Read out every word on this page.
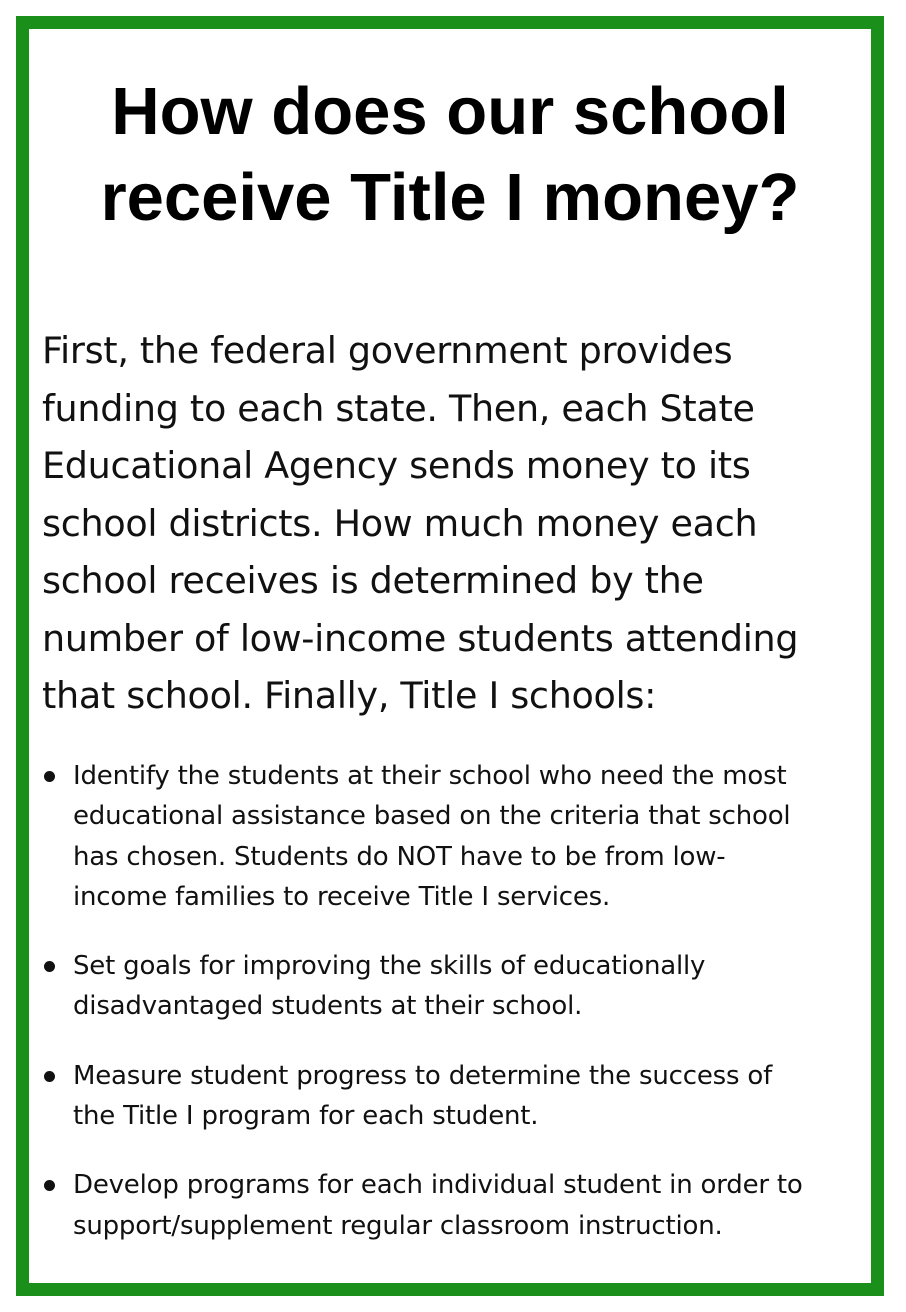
How does our school
receive Title I money?

First, the federal government provides
funding to each state. Then, each State
Educational Agency sends money to its
school districts. How much money each
school receives is determined by the
number of low-income students attending
that school. Finally, Title I schools:

Identify the students at their school who need the most
educational assistance based on the criteria that school
has chosen. Students do NOT have to be from low-
income families to receive Title I services.
Set goals for improving the skills of educationally
disadvantaged students at their school.
Measure student progress to determine the success of
the Title I program for each student.
Develop programs for each individual student in order to
support/supplement regular classroom instruction.
